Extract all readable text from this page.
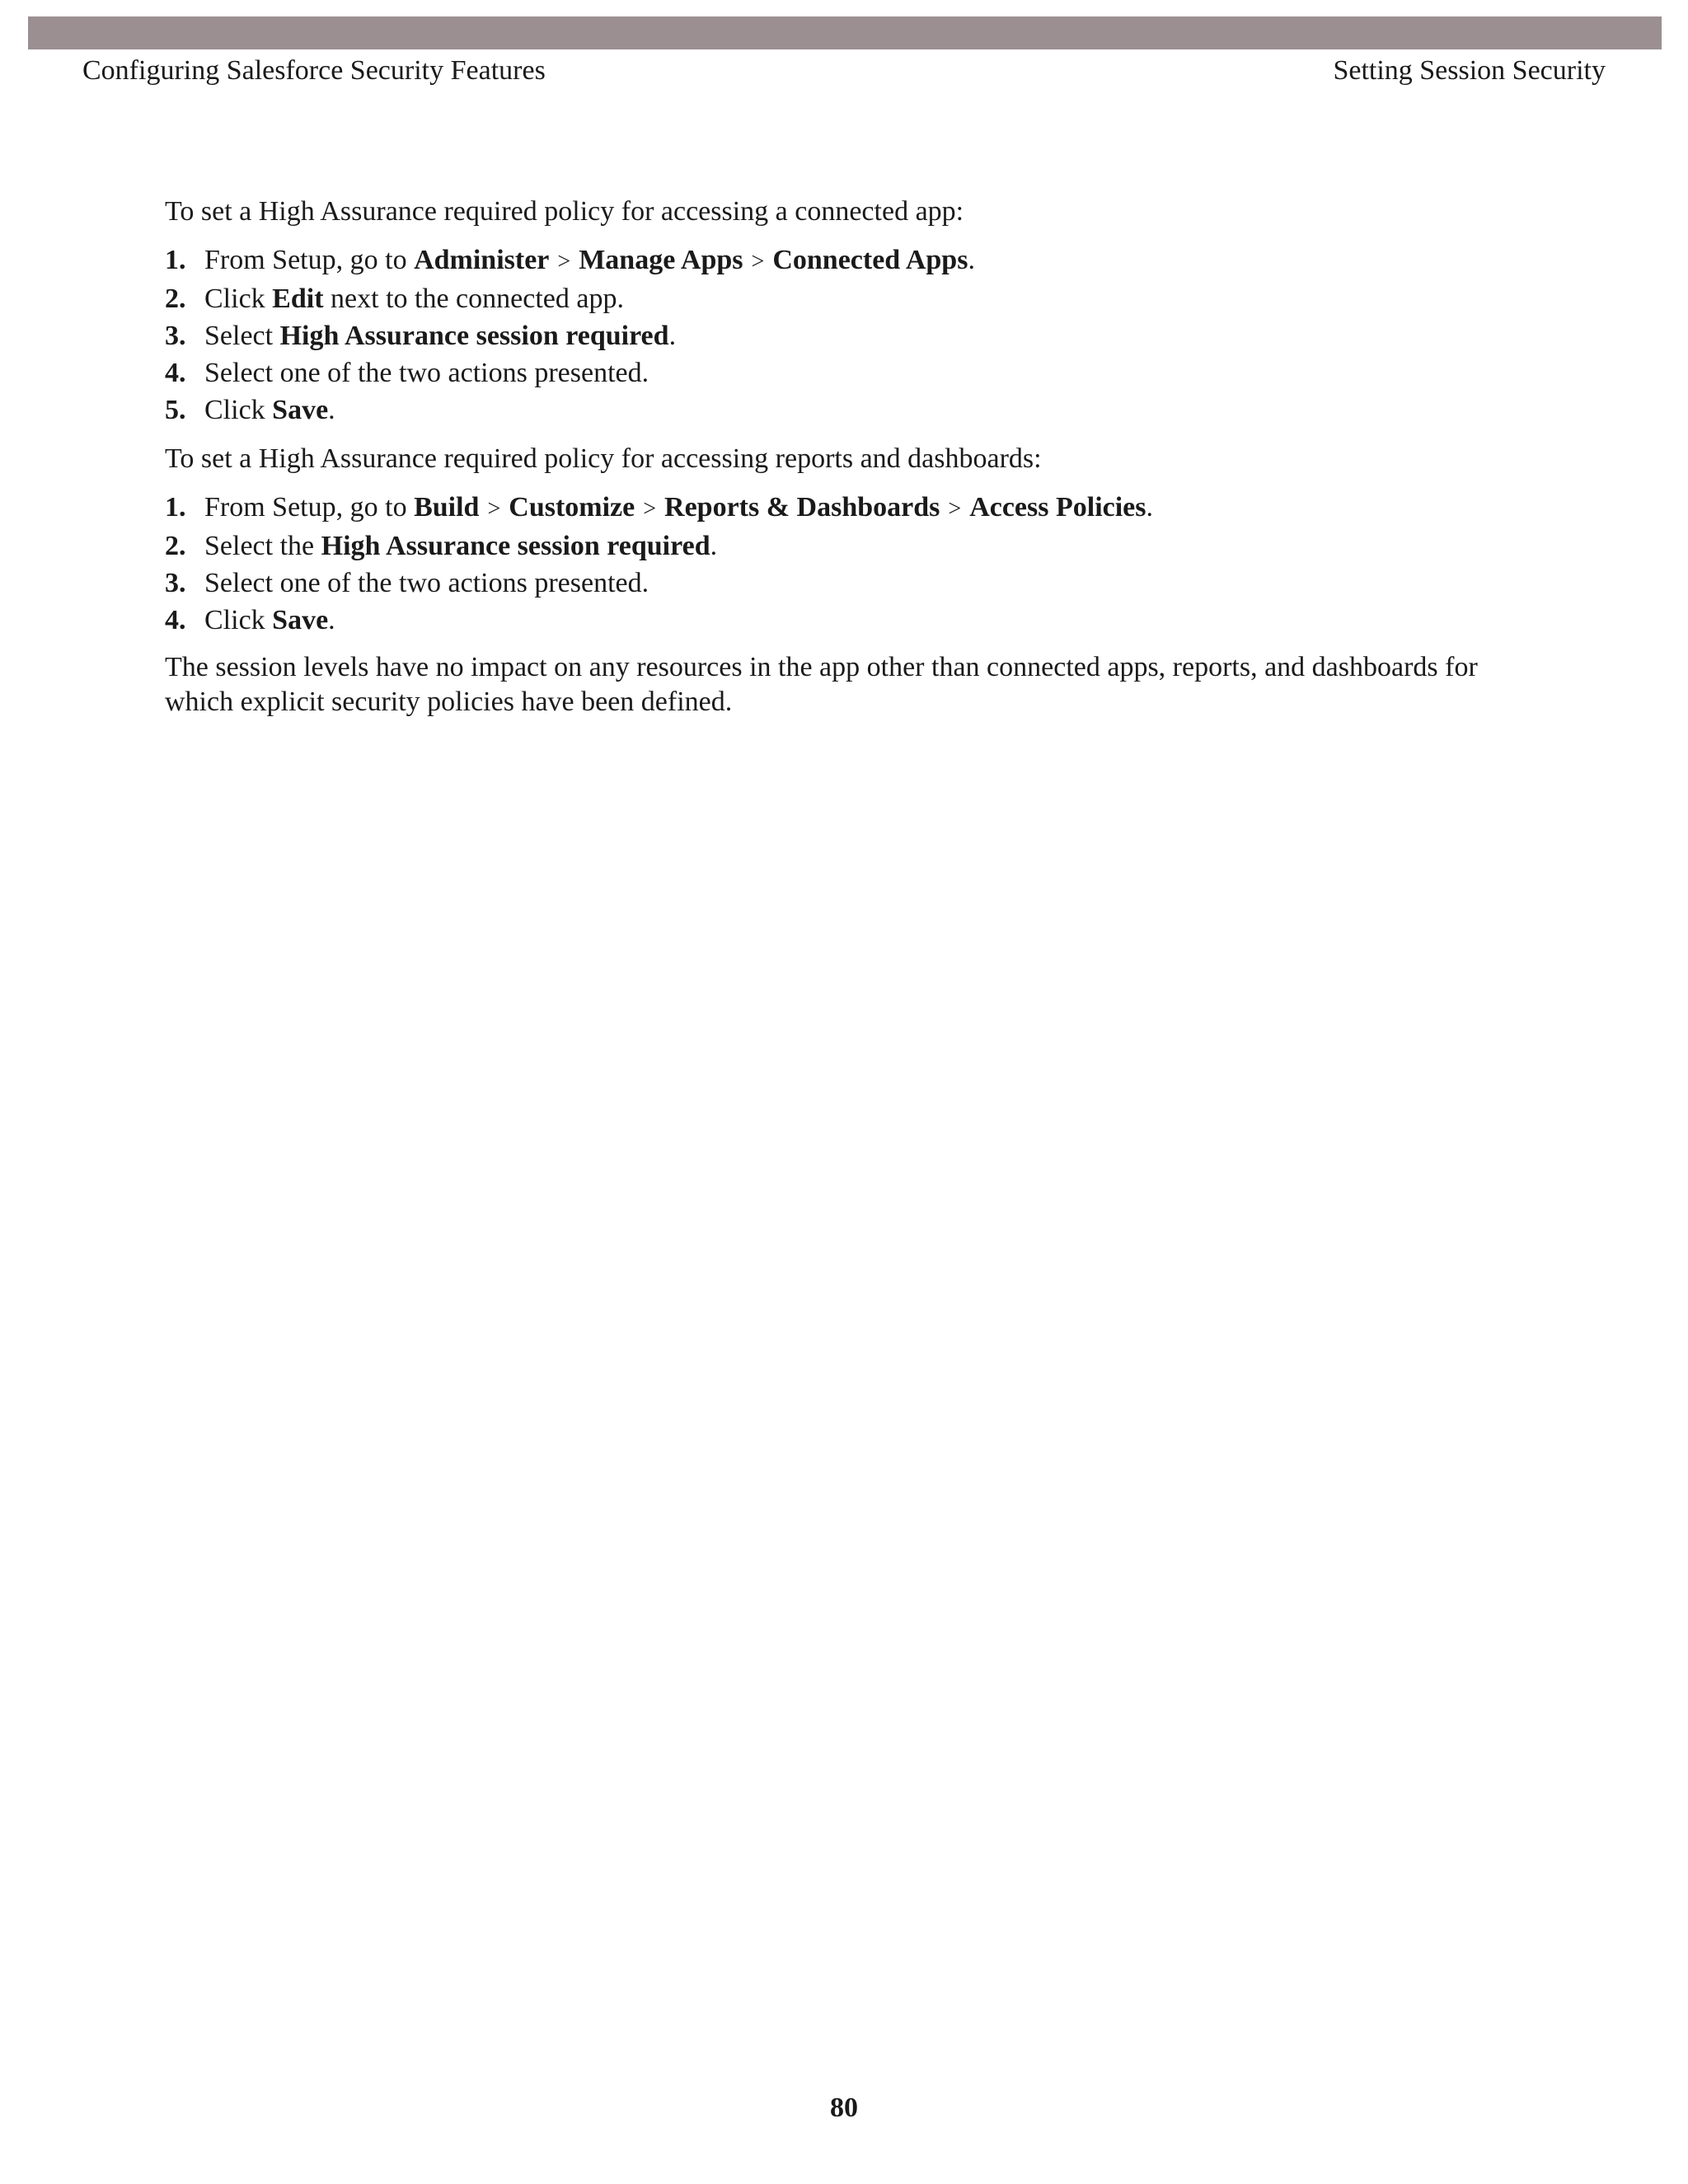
Configuring Salesforce Security Features	Setting Session Security

To set a High Assurance required policy for accessing a connected app:

1. From Setup, go to Administer > Manage Apps > Connected Apps.
2. Click Edit next to the connected app.
3. Select High Assurance session required.
4. Select one of the two actions presented.
5. Click Save.

To set a High Assurance required policy for accessing reports and dashboards:

1. From Setup, go to Build > Customize > Reports & Dashboards > Access Policies.
2. Select the High Assurance session required.
3. Select one of the two actions presented.
4. Click Save.

The session levels have no impact on any resources in the app other than connected apps, reports, and dashboards for which explicit security policies have been defined.

80
